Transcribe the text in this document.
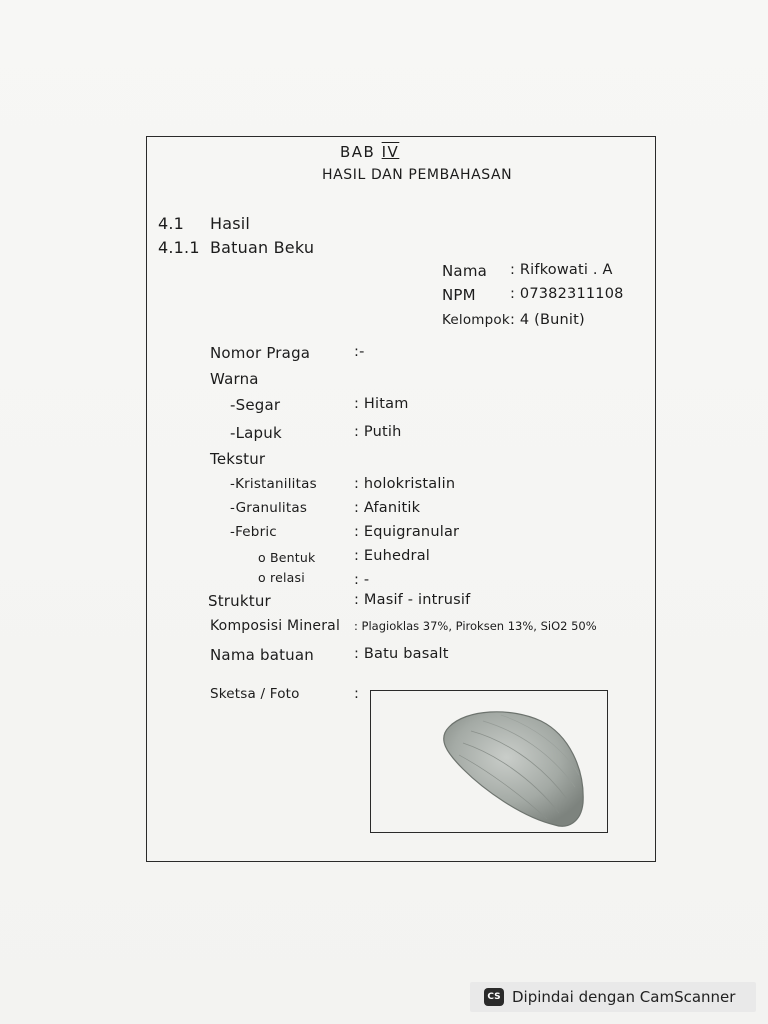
BAB IV
HASIL DAN PEMBAHASAN
4.1 Hasil
4.1.1 Batuan Beku
Nama : Rifkowati . A
NPM : 07382311108
Kelompok : 4 (Bunit)
Nomor Praga	:-
Warna
-Segar	: Hitam
-Lapuk	: Putih
Tekstur
-Kristanilitas	: holokristalin
-Granulitas	: Afanitik
-Febric	: Equigranular
o Bentuk	: Euhedral
o relasi	: -
Struktur	: Masif - intrusif
Komposisi Mineral : Plagioklas 37%, Piroksen 13%, SiO2 50%
Nama batuan	: Batu basalt
Sketsa / Foto	:
CS Dipindai dengan CamScanner
